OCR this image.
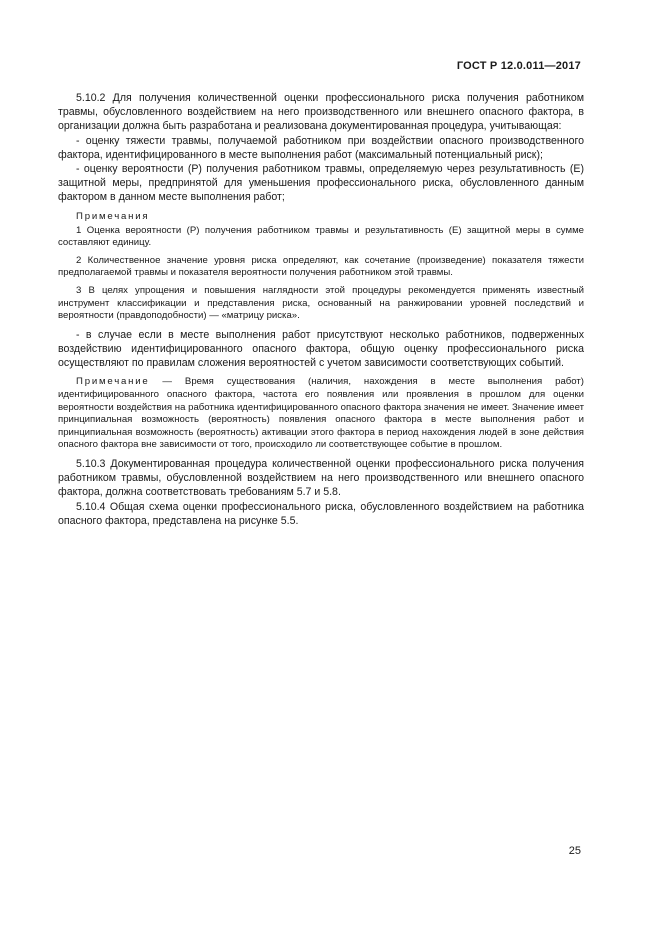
ГОСТ Р 12.0.011—2017

5.10.2 Для получения количественной оценки профессионального риска получения работником травмы, обусловленного воздействием на него производственного или внешнего опасного фактора, в организации должна быть разработана и реализована документированная процедура, учитывающая:

- оценку тяжести травмы, получаемой работником при воздействии опасного производственного фактора, идентифицированного в месте выполнения работ (максимальный потенциальный риск);

- оценку вероятности (Р) получения работником травмы, определяемую через результативность (Е) защитной меры, предпринятой для уменьшения профессионального риска, обусловленного данным фактором в данном месте выполнения работ;

Примечания

1 Оценка вероятности (Р) получения работником травмы и результативность (Е) защитной меры в сумме составляют единицу.

2 Количественное значение уровня риска определяют, как сочетание (произведение) показателя тяжести предполагаемой травмы и показателя вероятности получения работником этой травмы.

3 В целях упрощения и повышения наглядности этой процедуры рекомендуется применять известный инструмент классификации и представления риска, основанный на ранжировании уровней последствий и вероятности (правдоподобности) — «матрицу риска».

- в случае если в месте выполнения работ присутствуют несколько работников, подверженных воздействию идентифицированного опасного фактора, общую оценку профессионального риска осуществляют по правилам сложения вероятностей с учетом зависимости соответствующих событий.

Примечание — Время существования (наличия, нахождения в месте выполнения работ) идентифицированного опасного фактора, частота его появления или проявления в прошлом для оценки вероятности воздействия на работника идентифицированного опасного фактора значения не имеет. Значение имеет принципиальная возможность (вероятность) появления опасного фактора в месте выполнения работ и принципиальная возможность (вероятность) активации этого фактора в период нахождения людей в зоне действия опасного фактора вне зависимости от того, происходило ли соответствующее событие в прошлом.

5.10.3 Документированная процедура количественной оценки профессионального риска получения работником травмы, обусловленной воздействием на него производственного или внешнего опасного фактора, должна соответствовать требованиям 5.7 и 5.8.

5.10.4 Общая схема оценки профессионального риска, обусловленного воздействием на работника опасного фактора, представлена на рисунке 5.5.

25
